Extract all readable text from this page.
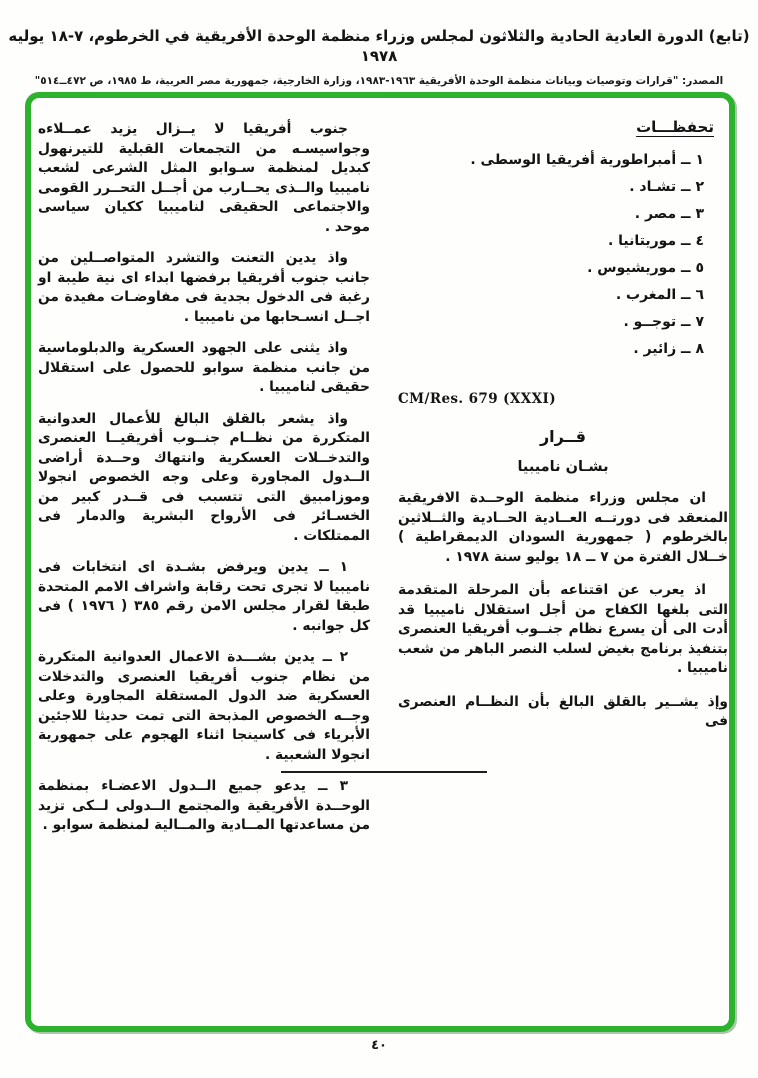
(تابع) الدورة العادية الحادية والثلاثون لمجلس وزراء منظمة الوحدة الأفريقية في الخرطوم، ٧-١٨ يوليه ١٩٧٨
المصدر: "قرارات وتوصيات وبيانات منظمة الوحدة الأفريقية ١٩٦٣-١٩٨٣، وزارة الخارجية، جمهورية مصر العربية، ط ١٩٨٥، ص ٤٧٢ــ٥١٤"

جنوب أفريقيا لا يــزال يزيد عمــلاءه وجواسيسـه من التجمعات القبلية للتيرنهول كبديل لمنظمة سـوابو المثل الشرعى لشعب ناميبيا والــذى يحــارب من أجــل التحــرر القومى والاجتماعى الحقيقى لناميبيا ككيان سياسى موحد .

واذ يدين التعنت والتشرد المتواصــلين من جانب جنوب أفريقيا برفضها ابداء اى نية طيبة او رغبة فى الدخول بجدية فى مفاوضـات مفيدة من اجــل انسـحابها من ناميبيا .

واذ يثنى على الجهود العسكرية والدبلوماسية من جانب منظمة سوابو للحصول على استقلال حقيقى لناميبيا .

واذ يشعر بالقلق البالغ للأعمال العدوانية المتكررة من نظــام جنــوب أفريقيــا العنصرى والتدخــلات العسكرية وانتهاك وحــدة أراضى الــدول المجاورة وعلى وجه الخصوص انجولا وموزامبيق التى تتسبب فى قــدر كبير من الخسـائر فى الأرواح البشرية والدمار فى الممتلكات .

١ ــ يدين ويرفض بشـدة اى انتخابات فى ناميبيا لا تجرى تحت رقابة واشراف الامم المتحدة طبقا لقرار مجلس الامن رقم ٣٨٥ ( ١٩٧٦ ) فى كل جوانبه .

٢ ــ يدين بشـــدة الاعمال العدوانية المتكررة من نظام جنوب أفريقيا العنصرى والتدخلات العسكرية ضد الدول المستقلة المجاورة وعلى وجــه الخصوص المذبحة التى تمت حديثا للاجئين الأبرياء فى كاسينجا اثناء الهجوم على جمهورية انجولا الشعبية .

٣ ــ يدعو جميع الــدول الاعضـاء بمنظمة الوحــدة الأفريقية والمجتمع الــدولى لــكى تزيد من مساعدتها المــادية والمــالية لمنظمة سوابو .

تحفظـــات
١ ــ أمبراطورية أفريقيا الوسطى .
٢ ــ تشـاد .
٣ ــ مصر .
٤ ــ موريتانيا .
٥ ــ موريشيوس .
٦ ــ المغرب .
٧ ــ توجــو .
٨ ــ زائير .
CM/Res. 679 (XXXI)
قــرار
بشـان ناميبيا

ان مجلس وزراء منظمة الوحــدة الافريقية المنعقد فى دورتــه العــادية الحــادية والثــلاثين بالخرطوم ( جمهورية السودان الديمقراطية ) خــلال الفترة من ٧ ــ ١٨ يوليو سنة ١٩٧٨ .

اذ يعرب عن اقتناعه بأن المرحلة المتقدمة التى بلغها الكفاح من أجل استقلال ناميبيا قد أدت الى أن يسرع نظام جنــوب أفريقيا العنصرى بتنفيذ برنامج بغيض لسلب النصر الباهر من شعب ناميبيا .

وإذ يشــير بالقلق البالغ بأن النظــام العنصرى فى

٤٠
